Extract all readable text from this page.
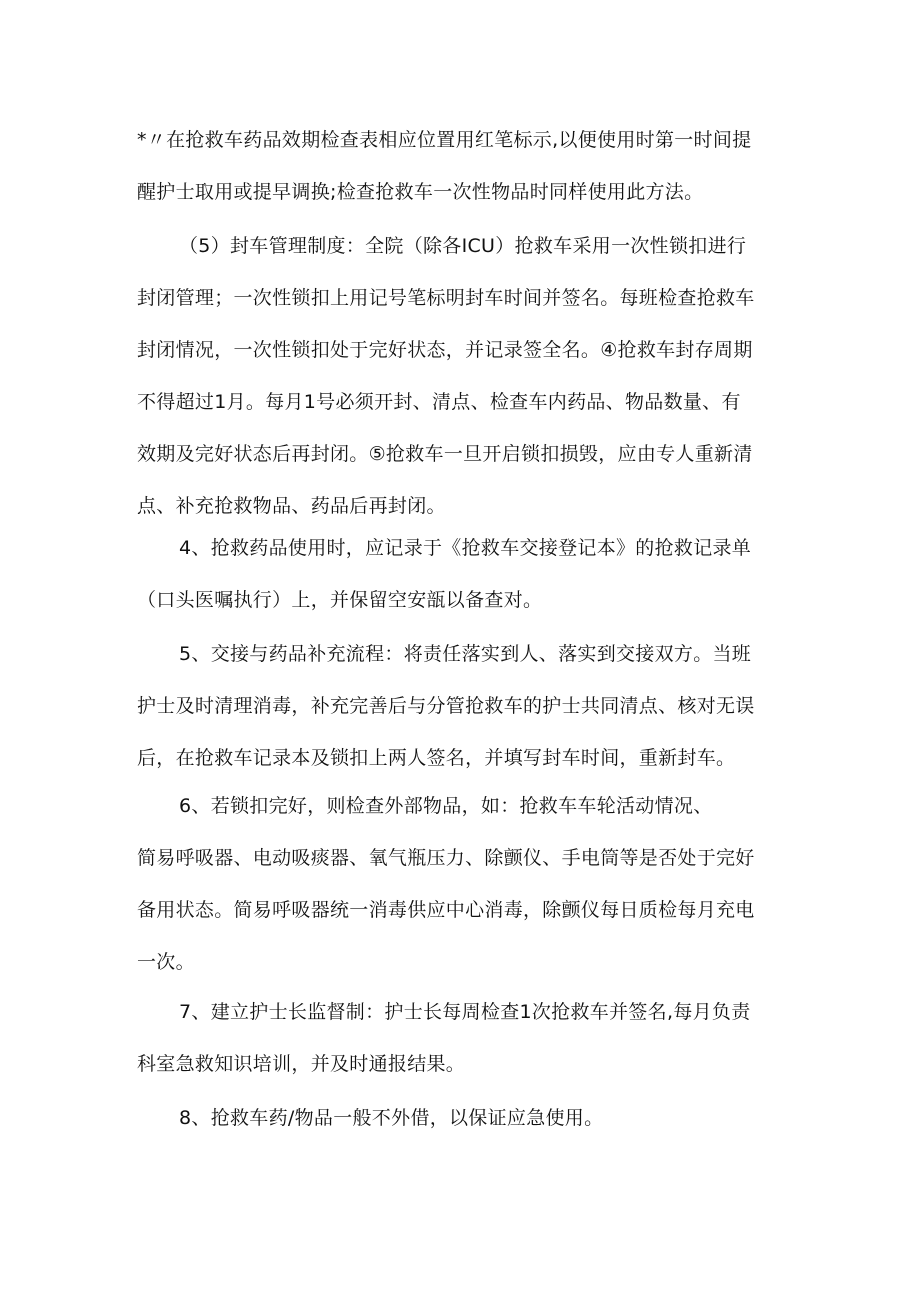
*〃在抢救车药品效期检查表相应位置用红笔标示,以便使用时第一时间提
醒护士取用或提早调换;检查抢救车一次性物品时同样使用此方法。
（5）封车管理制度：全院（除各ICU）抢救车采用一次性锁扣进行
封闭管理；一次性锁扣上用记号笔标明封车时间并签名。每班检查抢救车
封闭情况，一次性锁扣处于完好状态，并记录签全名。④抢救车封存周期
不得超过1月。每月1号必须开封、清点、检查车内药品、物品数量、有
效期及完好状态后再封闭。⑤抢救车一旦开启锁扣损毁，应由专人重新清
点、补充抢救物品、药品后再封闭。
4、抢救药品使用时，应记录于《抢救车交接登记本》的抢救记录单
（口头医嘱执行）上，并保留空安瓿以备查对。
5、交接与药品补充流程：将责任落实到人、落实到交接双方。当班
护士及时清理消毒，补充完善后与分管抢救车的护士共同清点、核对无误
后，在抢救车记录本及锁扣上两人签名，并填写封车时间，重新封车。
6、若锁扣完好，则检查外部物品，如：抢救车车轮活动情况、
简易呼吸器、电动吸痰器、氧气瓶压力、除颤仪、手电筒等是否处于完好
备用状态。简易呼吸器统一消毒供应中心消毒，除颤仪每日质检每月充电
一次。
7、建立护士长监督制：护士长每周检查1次抢救车并签名,每月负责
科室急救知识培训，并及时通报结果。
8、抢救车药/物品一般不外借，以保证应急使用。
